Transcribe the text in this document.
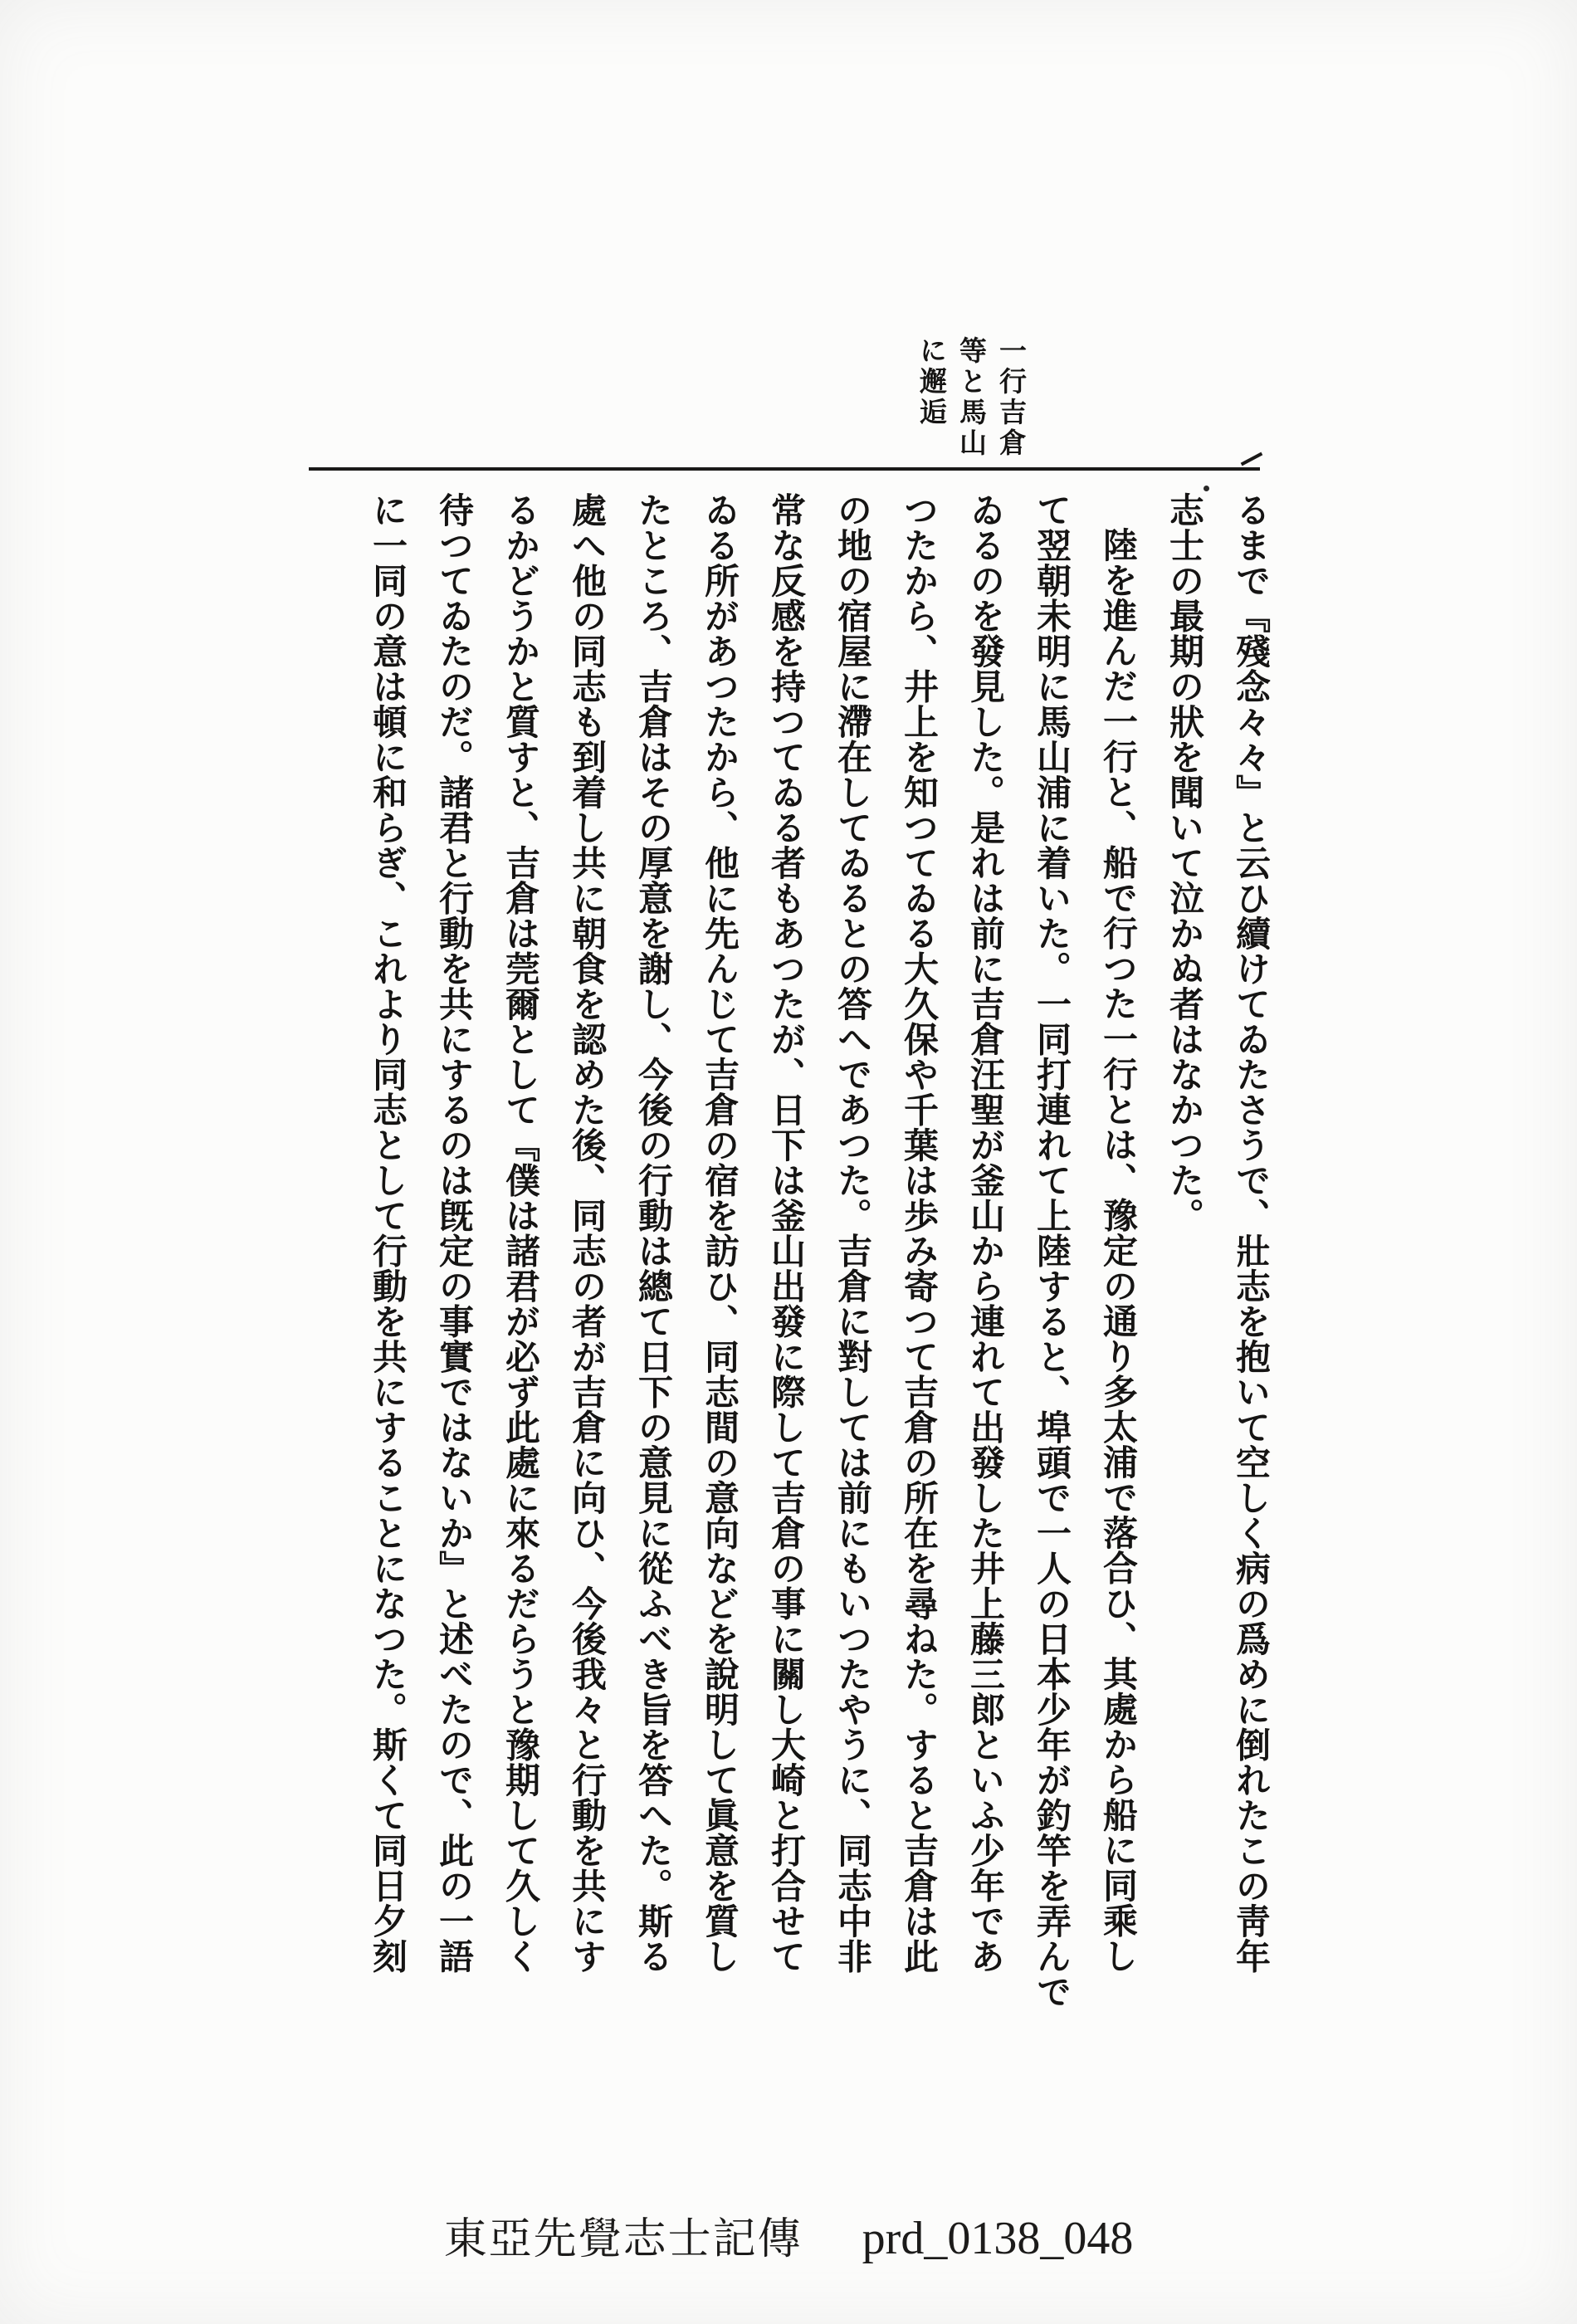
一行吉倉
等と馬山
に邂逅

るまで『殘念々々』と云ひ續けてゐたさうで、壯志を抱いて空しく病の爲めに倒れたこの靑年

志士の最期の狀を聞いて泣かぬ者はなかつた。

陸を進んだ一行と、船で行つた一行とは、豫定の通り多太浦で落合ひ、其處から船に同乘し

て翌朝未明に馬山浦に着いた。一同打連れて上陸すると、埠頭で一人の日本少年が釣竿を弄んで

ゐるのを發見した。是れは前に吉倉汪聖が釜山から連れて出發した井上藤三郎といふ少年であ

つたから、井上を知つてゐる大久保や千葉は歩み寄つて吉倉の所在を尋ねた。すると吉倉は此

の地の宿屋に滯在してゐるとの答へであつた。吉倉に對しては前にもいつたやうに、同志中非

常な反感を持つてゐる者もあつたが、日下は釜山出發に際して吉倉の事に關し大崎と打合せて

ゐる所があつたから、他に先んじて吉倉の宿を訪ひ、同志間の意向などを說明して眞意を質し

たところ、吉倉はその厚意を謝し、今後の行動は總て日下の意見に從ふべき旨を答へた。斯る

處へ他の同志も到着し共に朝食を認めた後、同志の者が吉倉に向ひ、今後我々と行動を共にす

るかどうかと質すと、吉倉は莞爾として『僕は諸君が必ず此處に來るだらうと豫期して久しく

待つてゐたのだ。諸君と行動を共にするのは旣定の事實ではないか』と述べたので、此の一語

に一同の意は頓に和らぎ、これより同志として行動を共にすることになつた。斯くて同日夕刻

東亞先覺志士記傳 prd_0138_048
